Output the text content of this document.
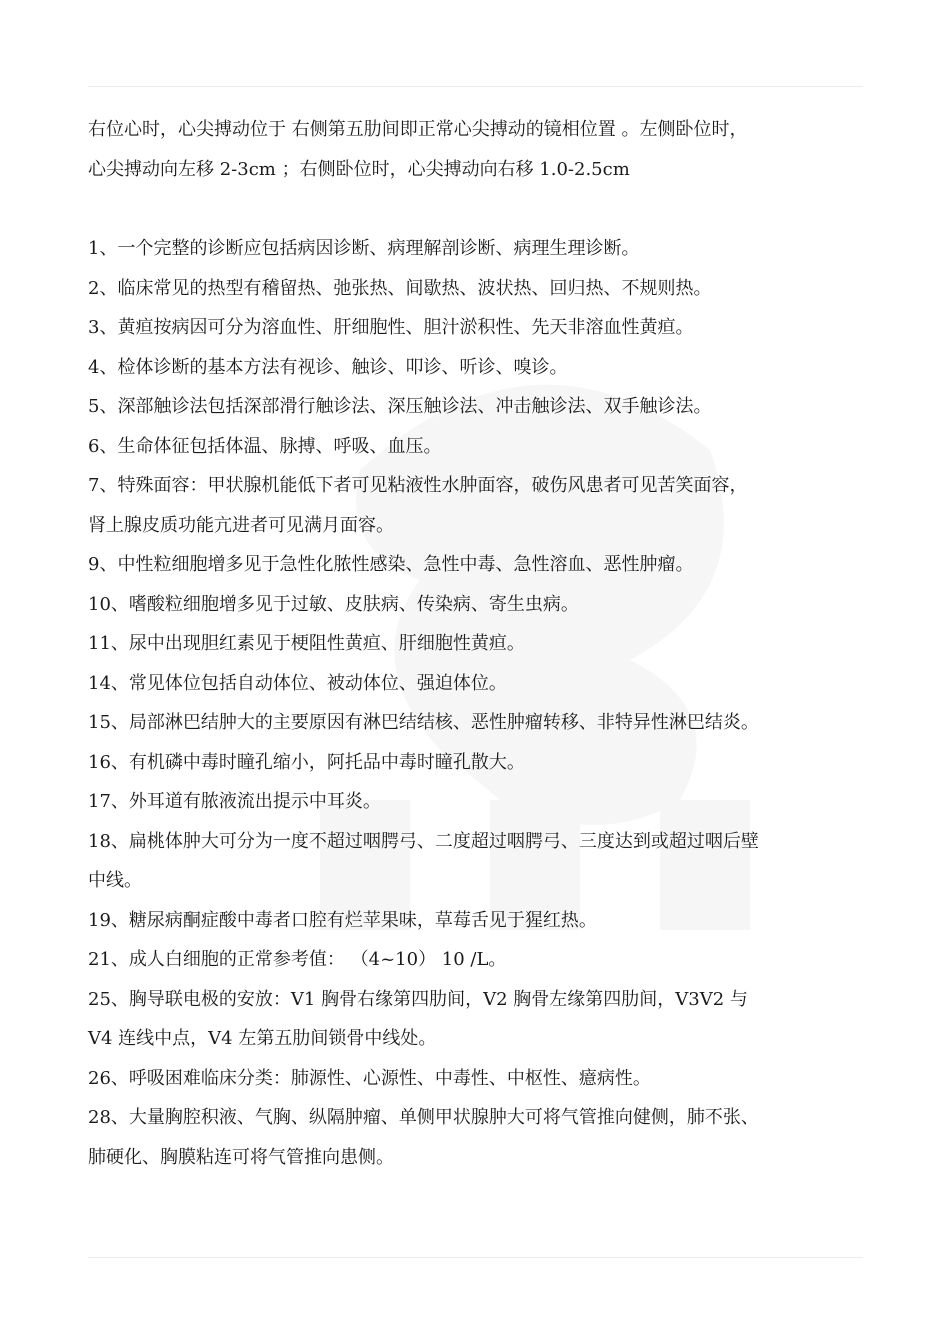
右位心时，心尖搏动位于 右侧第五肋间即正常心尖搏动的镜相位置 。左侧卧位时，

心尖搏动向左移 2-3cm ；右侧卧位时，心尖搏动向右移 1.0-2.5cm

1、一个完整的诊断应包括病因诊断、病理解剖诊断、病理生理诊断。

2、临床常见的热型有稽留热、弛张热、间歇热、波状热、回归热、不规则热。

3、黄疸按病因可分为溶血性、肝细胞性、胆汁淤积性、先天非溶血性黄疸。

4、检体诊断的基本方法有视诊、触诊、叩诊、听诊、嗅诊。

5、深部触诊法包括深部滑行触诊法、深压触诊法、冲击触诊法、双手触诊法。

6、生命体征包括体温、脉搏、呼吸、血压。

7、特殊面容：甲状腺机能低下者可见粘液性水肿面容，破伤风患者可见苦笑面容，
肾上腺皮质功能亢进者可见满月面容。

9、中性粒细胞增多见于急性化脓性感染、急性中毒、急性溶血、恶性肿瘤。

10、嗜酸粒细胞增多见于过敏、皮肤病、传染病、寄生虫病。

11、尿中出现胆红素见于梗阻性黄疸、肝细胞性黄疸。

14、常见体位包括自动体位、被动体位、强迫体位。

15、局部淋巴结肿大的主要原因有淋巴结结核、恶性肿瘤转移、非特异性淋巴结炎。

16、有机磷中毒时瞳孔缩小，阿托品中毒时瞳孔散大。

17、外耳道有脓液流出提示中耳炎。

18、扁桃体肿大可分为一度不超过咽腭弓、二度超过咽腭弓、三度达到或超过咽后壁
中线。

19、糖尿病酮症酸中毒者口腔有烂苹果味，草莓舌见于猩红热。

21、成人白细胞的正常参考值： （4~10） 10 /L。

25、胸导联电极的安放：V1 胸骨右缘第四肋间，V2 胸骨左缘第四肋间，V3V2 与
V4 连线中点，V4 左第五肋间锁骨中线处。

26、呼吸困难临床分类：肺源性、心源性、中毒性、中枢性、癔病性。

28、大量胸腔积液、气胸、纵隔肿瘤、单侧甲状腺肿大可将气管推向健侧，肺不张、
肺硬化、胸膜粘连可将气管推向患侧。
